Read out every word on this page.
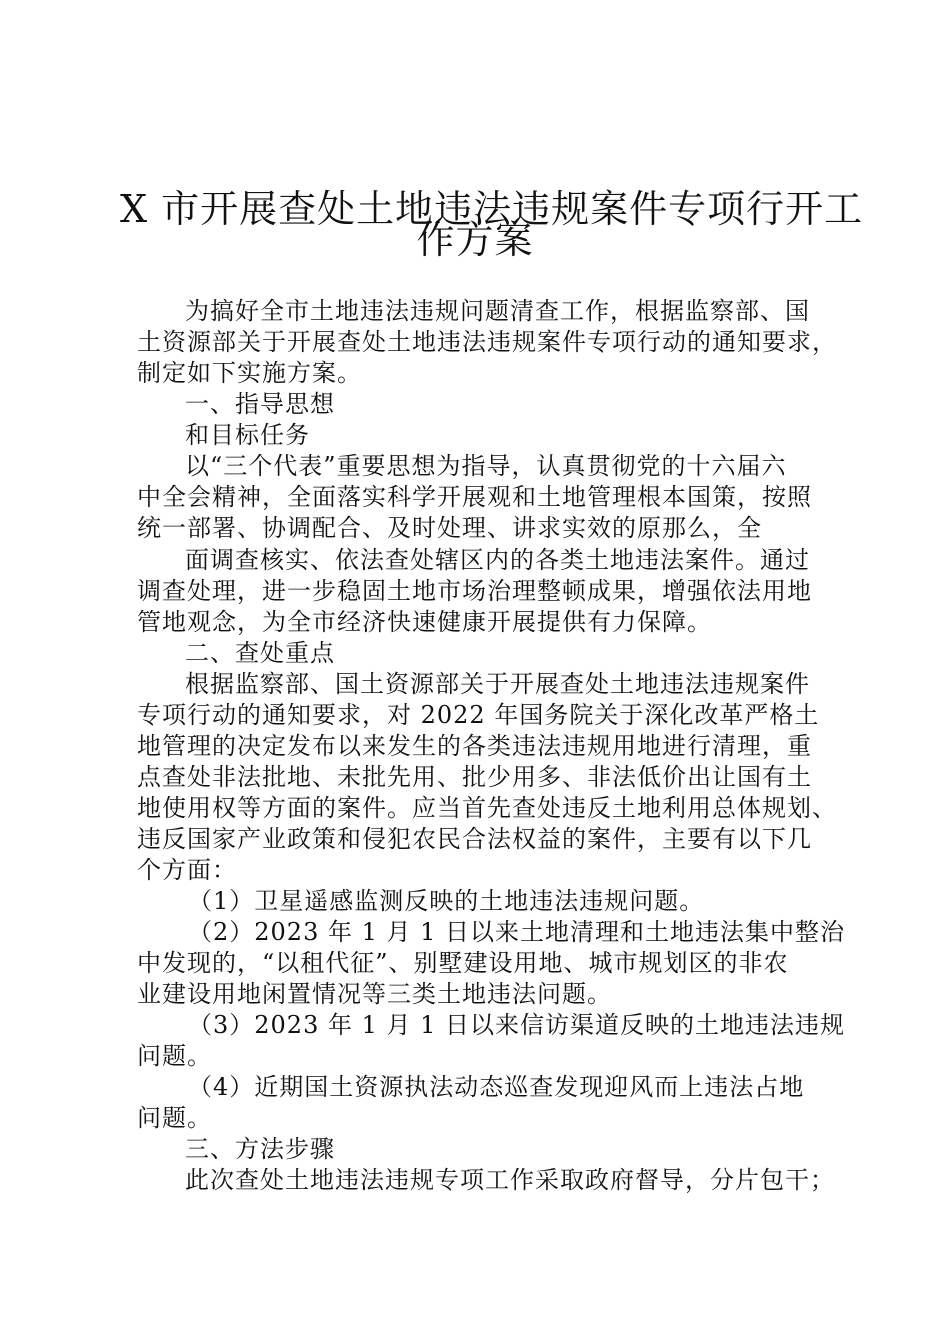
X 市开展查处土地违法违规案件专项行开工
作方案
为搞好全市土地违法违规问题清查工作，根据监察部、国
土资源部关于开展查处土地违法违规案件专项行动的通知要求，
制定如下实施方案。
一、指导思想
和目标任务
以“三个代表”重要思想为指导，认真贯彻党的十六届六
中全会精神，全面落实科学开展观和土地管理根本国策，按照
统一部署、协调配合、及时处理、讲求实效的原那么，全
面调查核实、依法查处辖区内的各类土地违法案件。通过
调查处理，进一步稳固土地市场治理整顿成果，增强依法用地
管地观念，为全市经济快速健康开展提供有力保障。
二、查处重点
根据监察部、国土资源部关于开展查处土地违法违规案件
专项行动的通知要求，对 2022 年国务院关于深化改革严格土
地管理的决定发布以来发生的各类违法违规用地进行清理，重
点查处非法批地、未批先用、批少用多、非法低价出让国有土
地使用权等方面的案件。应当首先查处违反土地利用总体规划、
违反国家产业政策和侵犯农民合法权益的案件，主要有以下几
个方面：
（1）卫星遥感监测反映的土地违法违规问题。
（2）2023 年 1 月 1 日以来土地清理和土地违法集中整治
中发现的，“以租代征”、别墅建设用地、城市规划区的非农
业建设用地闲置情况等三类土地违法问题。
（3）2023 年 1 月 1 日以来信访渠道反映的土地违法违规
问题。
（4）近期国土资源执法动态巡查发现迎风而上违法占地
问题。
三、方法步骤
此次查处土地违法违规专项工作采取政府督导，分片包干；
